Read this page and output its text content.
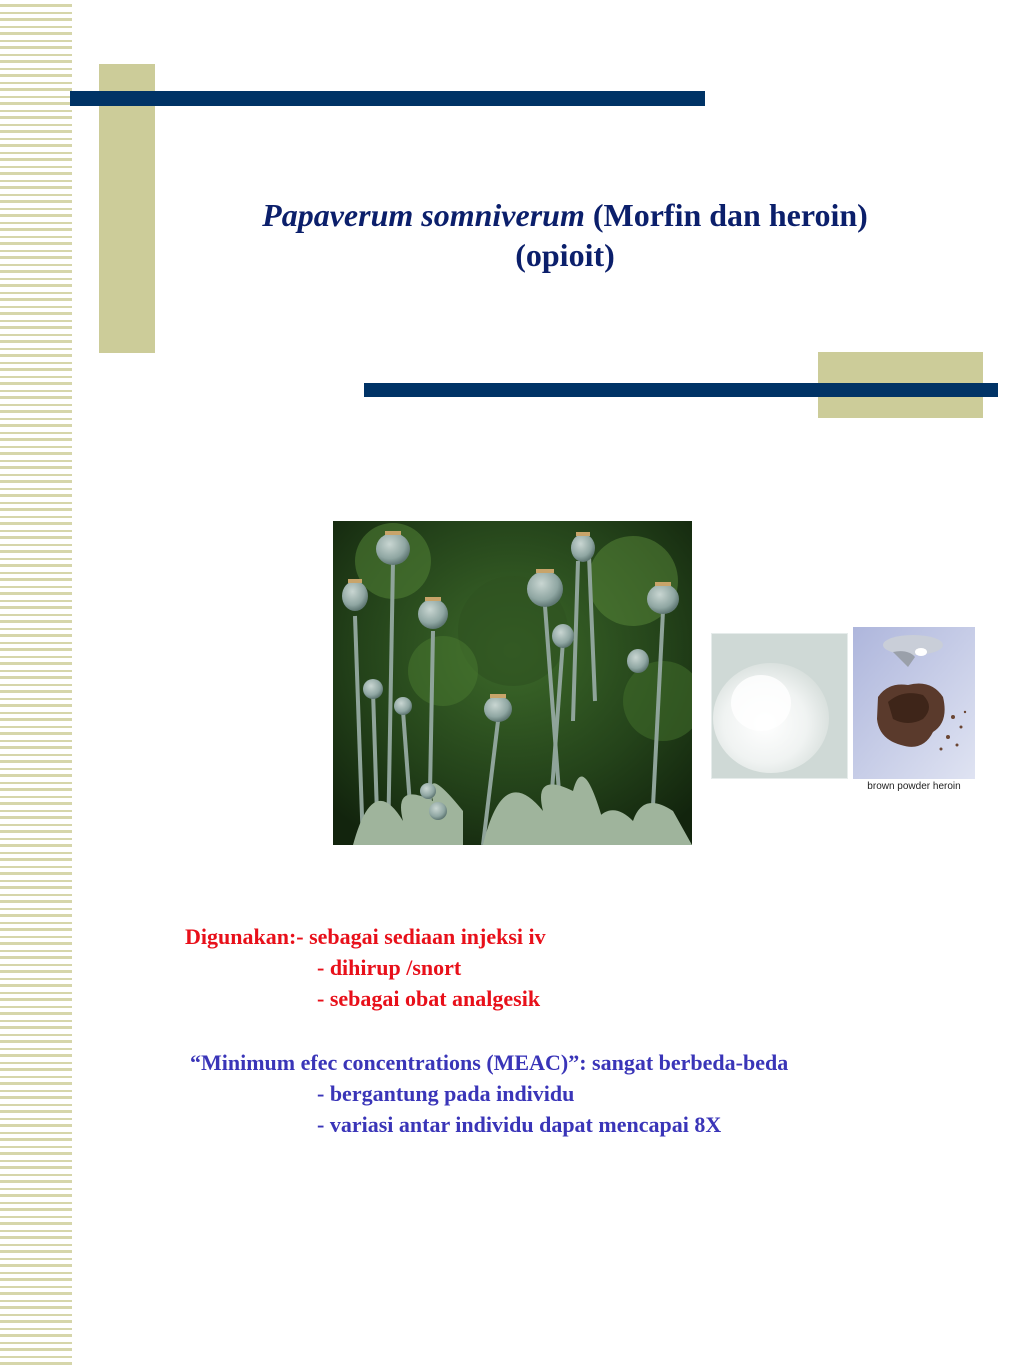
Papaverum somniverum (Morfin dan heroin)
(opioit)
brown powder heroin
Digunakan:- sebagai sediaan injeksi iv
- dihirup /snort
- sebagai obat analgesik
“Minimum efec concentrations (MEAC)”: sangat berbeda-beda
- bergantung pada individu
- variasi antar individu dapat mencapai 8X
